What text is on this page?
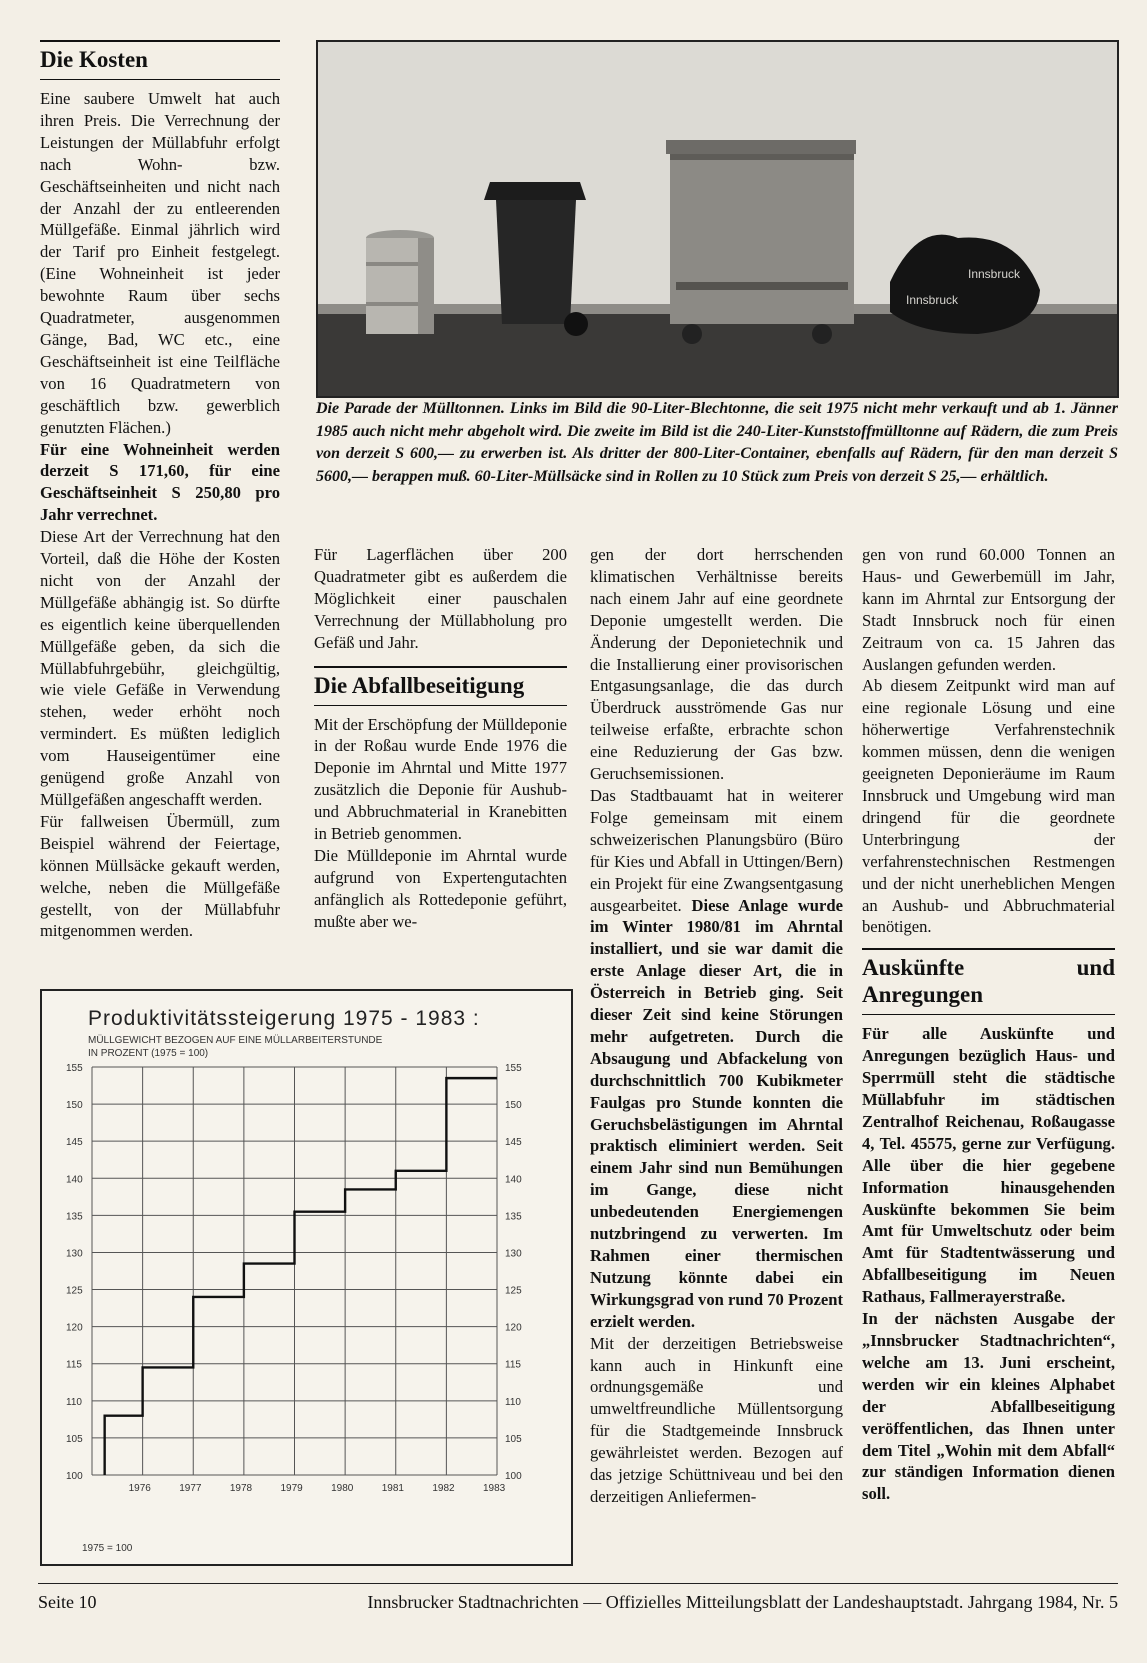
Die Kosten

Eine saubere Umwelt hat auch ihren Preis. Die Verrechnung der Leistungen der Müllabfuhr erfolgt nach Wohn- bzw. Geschäftseinheiten und nicht nach der Anzahl der zu entleerenden Müllgefäße. Einmal jährlich wird der Tarif pro Einheit festgelegt. (Eine Wohneinheit ist jeder bewohnte Raum über sechs Quadratmeter, ausgenommen Gänge, Bad, WC etc., eine Geschäftseinheit ist eine Teilfläche von 16 Quadratmetern von geschäftlich bzw. gewerblich genutzten Flächen.)

Für eine Wohneinheit werden derzeit S 171,60, für eine Geschäftseinheit S 250,80 pro Jahr verrechnet.

Diese Art der Verrechnung hat den Vorteil, daß die Höhe der Kosten nicht von der Anzahl der Müllgefäße abhängig ist. So dürfte es eigentlich keine überquellenden Müllgefäße geben, da sich die Müllabfuhrgebühr, gleichgültig, wie viele Gefäße in Verwendung stehen, weder erhöht noch vermindert. Es müßten lediglich vom Hauseigentümer eine genügend große Anzahl von Müllgefäßen angeschafft werden.

Für fallweisen Übermüll, zum Beispiel während der Feiertage, können Müllsäcke gekauft werden, welche, neben die Müllgefäße gestellt, von der Müllabfuhr mitgenommen werden.

Innsbruck
Innsbruck
Die Parade der Mülltonnen. Links im Bild die 90-Liter-Blechtonne, die seit 1975 nicht mehr verkauft und ab 1. Jänner 1985 auch nicht mehr abgeholt wird. Die zweite im Bild ist die 240-Liter-Kunststoffmülltonne auf Rädern, die zum Preis von derzeit S 600,— zu erwerben ist. Als dritter der 800-Liter-Container, ebenfalls auf Rädern, für den man derzeit S 5600,— berappen muß. 60-Liter-Müllsäcke sind in Rollen zu 10 Stück zum Preis von derzeit S 25,— erhältlich.

Für Lagerflächen über 200 Quadratmeter gibt es außerdem die Möglichkeit einer pauschalen Verrechnung der Müllabholung pro Gefäß und Jahr.

Die Abfallbeseitigung

Mit der Erschöpfung der Mülldeponie in der Roßau wurde Ende 1976 die Deponie im Ahrntal und Mitte 1977 zusätzlich die Deponie für Aushub- und Abbruchmaterial in Kranebitten in Betrieb genommen.

Die Mülldeponie im Ahrntal wurde aufgrund von Expertengutachten anfänglich als Rottedeponie geführt, mußte aber we-

gen der dort herrschenden klimatischen Verhältnisse bereits nach einem Jahr auf eine geordnete Deponie umgestellt werden. Die Änderung der Deponietechnik und die Installierung einer provisorischen Entgasungsanlage, die das durch Überdruck ausströmende Gas nur teilweise erfaßte, erbrachte schon eine Reduzierung der Gas bzw. Geruchsemissionen.

Das Stadtbauamt hat in weiterer Folge gemeinsam mit einem schweizerischen Planungsbüro (Büro für Kies und Abfall in Uttingen/Bern) ein Projekt für eine Zwangsentgasung ausgearbeitet. Diese Anlage wurde im Winter 1980/81 im Ahrntal installiert, und sie war damit die erste Anlage dieser Art, die in Österreich in Betrieb ging. Seit dieser Zeit sind keine Störungen mehr aufgetreten. Durch die Absaugung und Abfackelung von durchschnittlich 700 Kubikmeter Faulgas pro Stunde konnten die Geruchsbelästigungen im Ahrntal praktisch eliminiert werden. Seit einem Jahr sind nun Bemühungen im Gange, diese nicht unbedeutenden Energiemengen nutzbringend zu verwerten. Im Rahmen einer thermischen Nutzung könnte dabei ein Wirkungsgrad von rund 70 Prozent erzielt werden.

Mit der derzeitigen Betriebsweise kann auch in Hinkunft eine ordnungsgemäße und umweltfreundliche Müllentsorgung für die Stadtgemeinde Innsbruck gewährleistet werden. Bezogen auf das jetzige Schüttniveau und bei den derzeitigen Anliefermen-

gen von rund 60.000 Tonnen an Haus- und Gewerbemüll im Jahr, kann im Ahrntal zur Entsorgung der Stadt Innsbruck noch für einen Zeitraum von ca. 15 Jahren das Auslangen gefunden werden.

Ab diesem Zeitpunkt wird man auf eine regionale Lösung und eine höherwertige Verfahrenstechnik kommen müssen, denn die wenigen geeigneten Deponieräume im Raum Innsbruck und Umgebung wird man dringend für die geordnete Unterbringung der verfahrenstechnischen Restmengen und der nicht unerheblichen Mengen an Aushub- und Abbruchmaterial benötigen.

Auskünfte und Anregungen

Für alle Auskünfte und Anregungen bezüglich Haus- und Sperrmüll steht die städtische Müllabfuhr im städtischen Zentralhof Reichenau, Roßaugasse 4, Tel. 45575, gerne zur Verfügung. Alle über die hier gegebene Information hinausgehenden Auskünfte bekommen Sie beim Amt für Umweltschutz oder beim Amt für Stadtentwässerung und Abfallbeseitigung im Neuen Rathaus, Fallmerayerstraße.

In der nächsten Ausgabe der „Innsbrucker Stadtnachrichten“, welche am 13. Juni erscheint, werden wir ein kleines Alphabet der Abfallbeseitigung veröffentlichen, das Ihnen unter dem Titel „Wohin mit dem Abfall“ zur ständigen Information dienen soll.

Produktivitätssteigerung 1975 - 1983 :
MÜLLGEWICHT BEZOGEN AUF EINE MÜLLARBEITERSTUNDE
IN PROZENT (1975 = 100)
100	100
105	105
110	110
115	115
120	120
125	125
130	130
135	135
140	140
145	145
150	150
155	155
1976	1977	1978	1979	1980	1981	1982	1983
1975 = 100
Seite 10	Innsbrucker Stadtnachrichten — Offizielles Mitteilungsblatt der Landeshauptstadt. Jahrgang 1984, Nr. 5
